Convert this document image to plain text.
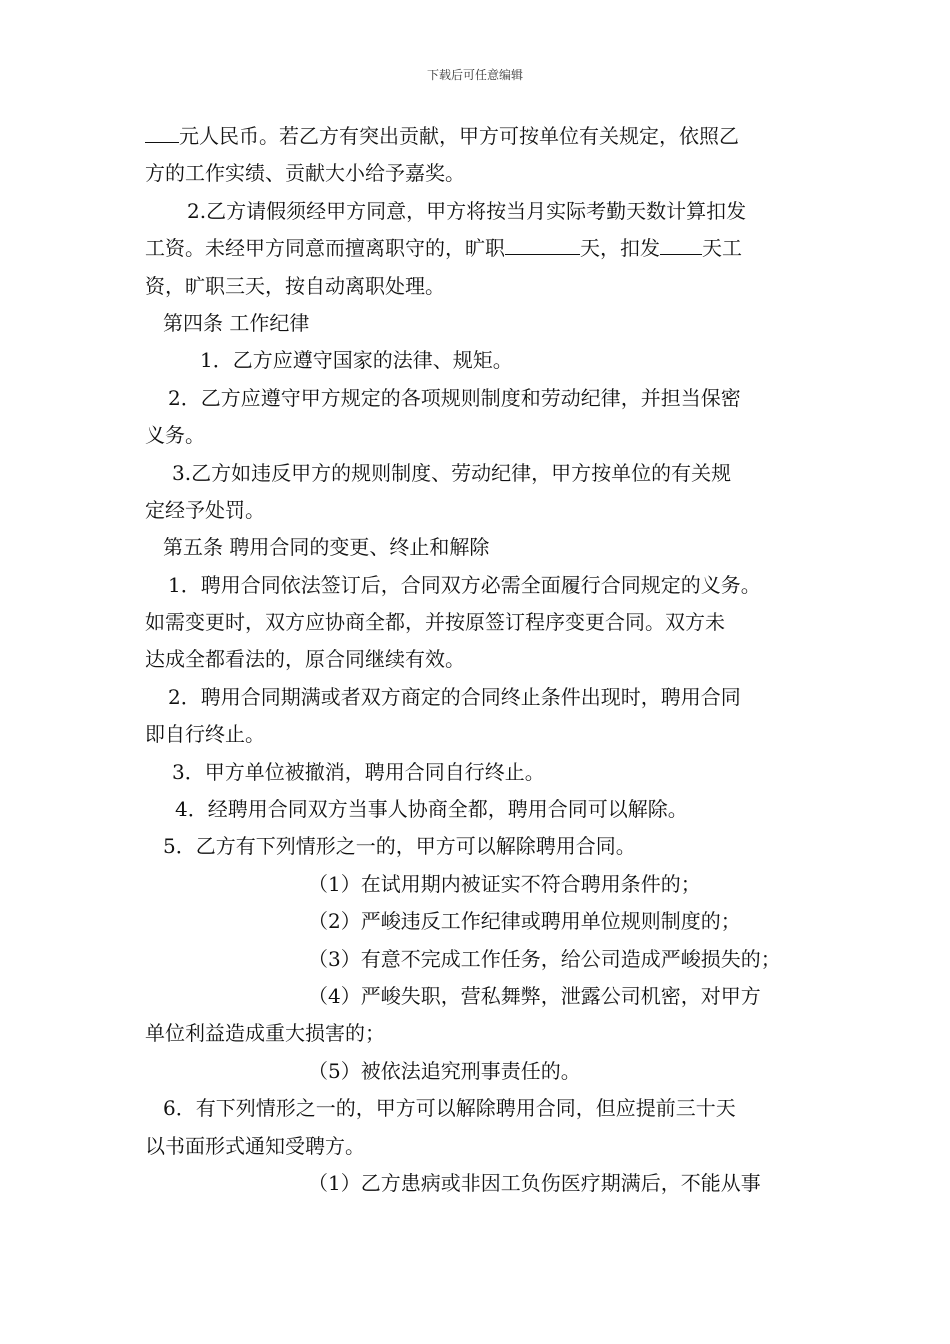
下载后可任意编辑
元人民币。若乙方有突出贡献，甲方可按单位有关规定，依照乙
方的工作实绩、贡献大小给予嘉奖。
2.乙方请假须经甲方同意，甲方将按当月实际考勤天数计算扣发
工资。未经甲方同意而擅离职守的，旷职	天，扣发 天工
资，旷职三天，按自动离职处理。
第四条 工作纪律
1．乙方应遵守国家的法律、规矩。
2．乙方应遵守甲方规定的各项规则制度和劳动纪律，并担当保密
义务。
3.乙方如违反甲方的规则制度、劳动纪律，甲方按单位的有关规
定经予处罚。
第五条 聘用合同的变更、终止和解除
1．聘用合同依法签订后，合同双方必需全面履行合同规定的义务。
如需变更时，双方应协商全都，并按原签订程序变更合同。双方未
达成全都看法的，原合同继续有效。
2．聘用合同期满或者双方商定的合同终止条件出现时，聘用合同
即自行终止。
3．甲方单位被撤消，聘用合同自行终止。
4．经聘用合同双方当事人协商全都，聘用合同可以解除。
5．乙方有下列情形之一的，甲方可以解除聘用合同。
（1）在试用期内被证实不符合聘用条件的；
（2）严峻违反工作纪律或聘用单位规则制度的；
（3）有意不完成工作任务，给公司造成严峻损失的；
（4）严峻失职，营私舞弊，泄露公司机密，对甲方
单位利益造成重大损害的；
（5）被依法追究刑事责任的。
6．有下列情形之一的，甲方可以解除聘用合同，但应提前三十天
以书面形式通知受聘方。
（1）乙方患病或非因工负伤医疗期满后，不能从事
